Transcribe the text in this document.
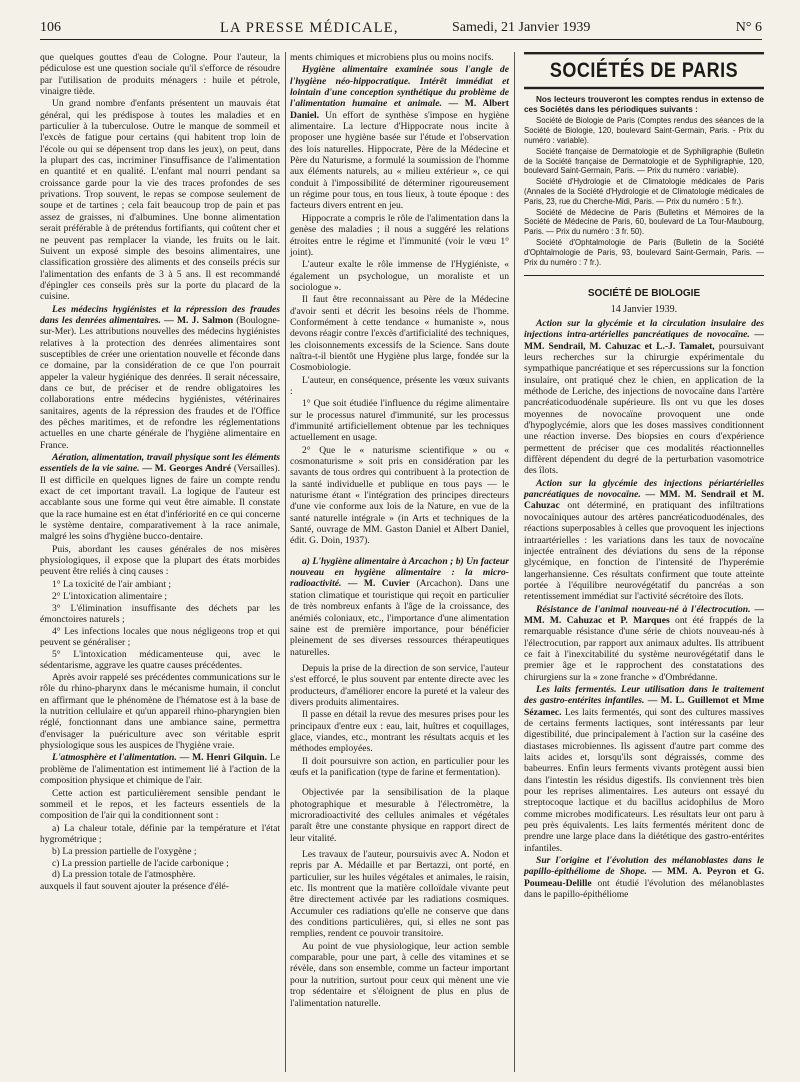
106	LA PRESSE MÉDICALE,	Samedi, 21 Janvier 1939	N° 6

que quelques gouttes d'eau de Cologne. Pour l'auteur, la pédiculose est une question sociale qu'il s'efforce de résoudre par l'utilisation de produits ménagers : huile et pétrole, vinaigre tiède.

Un grand nombre d'enfants présentent un mauvais état général, qui les prédispose à toutes les maladies et en particulier à la tuberculose. Outre le manque de sommeil et l'excès de fatigue pour certains (qui habitent trop loin de l'école ou qui se dépensent trop dans les jeux), on peut, dans la plupart des cas, incriminer l'insuffisance de l'alimentation en quantité et en qualité. L'enfant mal nourri pendant sa croissance garde pour la vie des traces profondes de ses privations. Trop souvent, le repas se compose seulement de soupe et de tartines ; cela fait beaucoup trop de pain et pas assez de graisses, ni d'albumines. Une bonne alimentation serait préférable à de prétendus fortifiants, qui coûtent cher et ne peuvent pas remplacer la viande, les fruits ou le lait. Suivent un exposé simple des besoins alimentaires, une classification grossière des aliments et des conseils précis sur l'alimentation des enfants de 3 à 5 ans. Il est recommandé d'épingler ces conseils près sur la porte du placard de la cuisine.

Les médecins hygiénistes et la répression des fraudes dans les denrées alimentaires. — M. J. Salmon (Boulogne-sur-Mer). Les attributions nouvelles des médecins hygiénistes relatives à la protection des denrées alimentaires sont susceptibles de créer une orientation nouvelle et féconde dans ce domaine, par la considération de ce que l'on pourrait appeler la valeur hygiénique des denrées. Il serait nécessaire, dans ce but, de préciser et de rendre obligatoires les collaborations entre médecins hygiénistes, vétérinaires sanitaires, agents de la répression des fraudes et de l'Office des pêches maritimes, et de refondre les réglementations actuelles en une charte générale de l'hygiène alimentaire en France.

Aération, alimentation, travail physique sont les éléments essentiels de la vie saine. — M. Georges André (Versailles). Il est difficile en quelques lignes de faire un compte rendu exact de cet important travail. La logique de l'auteur est accablante sous une forme qui veut être aimable. Il constate que la race humaine est en état d'infériorité en ce qui concerne le système dentaire, comparativement à la race animale, malgré les soins d'hygiène bucco-dentaire.

Puis, abordant les causes générales de nos misères physiologiques, il expose que la plupart des états morbides peuvent être reliés à cinq causes :

1° La toxicité de l'air ambiant ;
2° L'intoxication alimentaire ;
3° L'élimination insuffisante des déchets par les émonctoires naturels ;
4° Les infections locales que nous négligeons trop et qui peuvent se généraliser ;
5° L'intoxication médicamenteuse qui, avec le sédentarisme, aggrave les quatre causes précédentes.

Après avoir rappelé ses précédentes communications sur le rôle du rhino-pharynx dans le mécanisme humain, il conclut en affirmant que le phénomène de l'hématose est à la base de la nutrition cellulaire et qu'un appareil rhino-pharyngien bien réglé, fonctionnant dans une ambiance saine, permettra d'envisager la puériculture avec son véritable esprit physiologique sous les auspices de l'hygiène vraie.

L'atmosphère et l'alimentation. — M. Henri Gilquin. Le problème de l'alimentation est intimement lié à l'action de la composition physique et chimique de l'air.

Cette action est particulièrement sensible pendant le sommeil et le repos, et les facteurs essentiels de la composition de l'air qui la conditionnent sont :

a) La chaleur totale, définie par la température et l'état hygrométrique ;
b) La pression partielle de l'oxygène ;
c) La pression partielle de l'acide carbonique ;
d) La pression totale de l'atmosphère.

auxquels il faut souvent ajouter la présence d'élé-

ments chimiques et microbiens plus ou moins nocifs.

Hygiène alimentaire examinée sous l'angle de l'hygiène néo-hippocratique. Intérêt immédiat et lointain d'une conception synthétique du problème de l'alimentation humaine et animale. — M. Albert Daniel. Un effort de synthèse s'impose en hygiène alimentaire. La lecture d'Hippocrate nous incite à proposer une hygiène basée sur l'étude et l'observation des lois naturelles. Hippocrate, Père de la Médecine et Père du Naturisme, a formulé la soumission de l'homme aux éléments naturels, au « milieu extérieur », ce qui conduit à l'impossibilité de déterminer rigoureusement un régime pour tous, en tous lieux, à toute époque : des facteurs divers entrent en jeu.

Hippocrate a compris le rôle de l'alimentation dans la genèse des maladies ; il nous a suggéré les relations étroites entre le régime et l'immunité (voir le vœu 1° joint).

L'auteur exalte le rôle immense de l'Hygiéniste, « également un psychologue, un moraliste et un sociologue ».

Il faut être reconnaissant au Père de la Médecine d'avoir senti et décrit les besoins réels de l'homme. Conformément à cette tendance « humaniste », nous devons réagir contre l'excès d'artificialité des techniques, les cloisonnements excessifs de la Science. Sans doute naîtra-t-il bientôt une Hygiène plus large, fondée sur la Cosmobiologie.

L'auteur, en conséquence, présente les vœux suivants :

1° Que soit étudiée l'influence du régime alimentaire sur le processus naturel d'immunité, sur les processus d'immunité artificiellement obtenue par les techniques actuellement en usage.

2° Que le « naturisme scientifique » ou « cosmonaturisme » soit pris en considération par les savants de tous ordres qui contribuent à la protection de la santé individuelle et publique en tous pays — le naturisme étant « l'intégration des principes directeurs d'une vie conforme aux lois de la Nature, en vue de la santé naturelle intégrale » (in Arts et techniques de la Santé, ouvrage de MM. Gaston Daniel et Albert Daniel, édit. G. Doin, 1937).

a) L'hygiène alimentaire à Arcachon ; b) Un facteur nouveau en hygiène alimentaire : la micro-radioactivité. — M. Cuvier (Arcachon). Dans une station climatique et touristique qui reçoit en particulier de très nombreux enfants à l'âge de la croissance, des anémiés coloniaux, etc., l'importance d'une alimentation saine est de première importance, pour bénéficier pleinement de ses diverses ressources thérapeutiques naturelles.

Depuis la prise de la direction de son service, l'auteur s'est efforcé, le plus souvent par entente directe avec les producteurs, d'améliorer encore la pureté et la valeur des divers produits alimentaires.

Il passe en détail la revue des mesures prises pour les principaux d'entre eux : eau, lait, huîtres et coquillages, glace, viandes, etc., montrant les résultats acquis et les méthodes employées.

Il doit poursuivre son action, en particulier pour les œufs et la panification (type de farine et fermentation).

Objectivée par la sensibilisation de la plaque photographique et mesurable à l'électromètre, la microradioactivité des cellules animales et végétales paraît être une constante physique en rapport direct de leur vitalité.

Les travaux de l'auteur, poursuivis avec A. Nodon et repris par A. Médaille et par Bertazzi, ont porté, en particulier, sur les huiles végétales et animales, le raisin, etc. Ils montrent que la matière colloïdale vivante peut être directement activée par les radiations cosmiques. Accumuler ces radiations qu'elle ne conserve que dans des conditions particulières, qui, si elles ne sont pas remplies, rendent ce pouvoir transitoire.

Au point de vue physiologique, leur action semble comparable, pour une part, à celle des vitamines et se révèle, dans son ensemble, comme un facteur important pour la nutrition, surtout pour ceux qui mènent une vie trop sédentaire et s'éloignent de plus en plus de l'alimentation naturelle.

SOCIÉTÉS DE PARIS

Nos lecteurs trouveront les comptes rendus in extenso de ces Sociétés dans les périodiques suivants :

Société de Biologie de Paris (Comptes rendus des séances de la Société de Biologie, 120, boulevard Saint-Germain, Paris. - Prix du numéro : variable).

Société française de Dermatologie et de Syphiligraphie (Bulletin de la Société française de Dermatologie et de Syphiligraphie, 120, boulevard Saint-Germain, Paris. — Prix du numéro : variable).

Société d'Hydrologie et de Climatologie médicales de Paris (Annales de la Société d'Hydrologie et de Climatologie médicales de Paris, 23, rue du Cherche-Midi, Paris. — Prix du numéro : 5 fr.).

Société de Médecine de Paris (Bulletins et Mémoires de la Société de Médecine de Paris, 60, boulevard de La Tour-Maubourg, Paris. — Prix du numéro : 3 fr. 50).

Société d'Ophtalmologie de Paris (Bulletin de la Société d'Ophtalmologie de Paris, 93, boulevard Saint-Germain, Paris. — Prix du numéro : 7 fr.).

SOCIÉTÉ DE BIOLOGIE
14 Janvier 1939.

Action sur la glycémie et la circulation insulaire des injections intra-artérielles pancréatiques de novocaïne. — MM. Sendrail, M. Cahuzac et L.-J. Tamalet, poursuivant leurs recherches sur la chirurgie expérimentale du sympathique pancréatique et ses répercussions sur la fonction insulaire, ont pratiqué chez le chien, en application de la méthode de Leriche, des injections de novocaïne dans l'artère pancréaticoduodénale supérieure. Ils ont vu que les doses moyennes de novocaïne provoquent une onde d'hypoglycémie, alors que les doses massives conditionnent une réaction inverse. Des biopsies en cours d'expérience permettent de préciser que ces modalités réactionnelles diffèrent dépendent du degré de la perturbation vasomotrice des îlots.

Action sur la glycémie des injections périartérielles pancréatiques de novocaïne. — MM. M. Sendrail et M. Cahuzac ont déterminé, en pratiquant des infiltrations novocaïniques autour des artères pancréaticoduodénales, des réactions superposables à celles que provoquent les injections intraartérielles : les variations dans les taux de novocaïne injectée entraînent des déviations du sens de la réponse glycémique, en fonction de l'intensité de l'hyperémie langerhansienne. Ces résultats confirment que toute atteinte portée à l'équilibre neurovégétatif du pancréas a son retentissement immédiat sur l'activité sécrétoire des îlots.

Résistance de l'animal nouveau-né à l'électrocution. — MM. M. Cahuzac et P. Marques ont été frappés de la remarquable résistance d'une série de chiots nouveau-nés à l'électrocution, par rapport aux animaux adultes. Ils attribuent ce fait à l'inexcitabilité du système neurovégétatif dans le premier âge et le rapprochent des constatations des chirurgiens sur la « zone franche » d'Ombrédanne.

Les laits fermentés. Leur utilisation dans le traitement des gastro-entérites infantiles. — M. L. Guillemot et Mme Sézamec. Les laits fermentés, qui sont des cultures massives de certains ferments lactiques, sont intéressants par leur digestibilité, due principalement à l'action sur la caséine des diastases microbiennes. Ils agissent d'autre part comme des laits acides et, lorsqu'ils sont dégraissés, comme des babeurres. Enfin leurs ferments vivants protègent aussi bien dans l'intestin les résidus digestifs. Ils conviennent très bien pour les reprises alimentaires. Les auteurs ont essayé du streptocoque lactique et du bacillus acidophilus de Moro comme microbes modificateurs. Les résultats leur ont paru à peu près équivalents. Les laits fermentés méritent donc de prendre une large place dans la diététique des gastro-entérites infantiles.

Sur l'origine et l'évolution des mélanoblastes dans le papillo-épithéliome de Shope. — MM. A. Peyron et G. Poumeau-Delille ont étudié l'évolution des mélanoblastes dans le papillo-épithéliome
